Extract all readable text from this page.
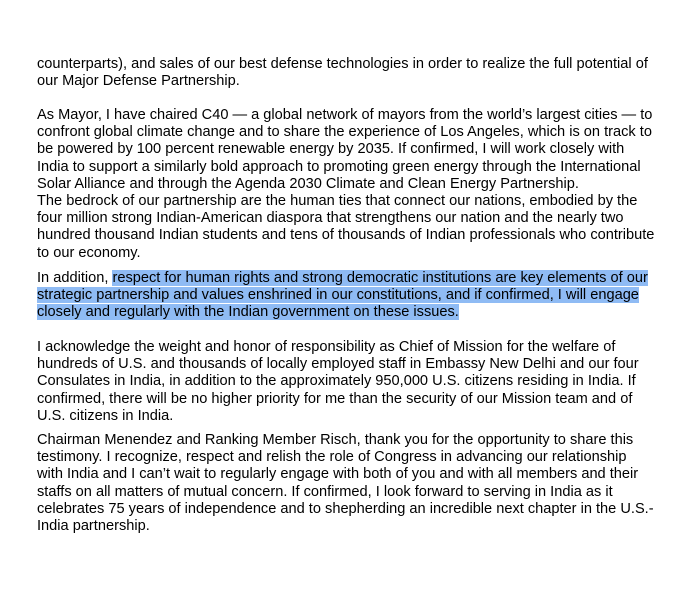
counterparts), and sales of our best defense technologies in order to realize the full potential of
our Major Defense Partnership.

As Mayor, I have chaired C40 — a global network of mayors from the world’s largest cities — to
confront global climate change and to share the experience of Los Angeles, which is on track to
be powered by 100 percent renewable energy by 2035. If confirmed, I will work closely with
India to support a similarly bold approach to promoting green energy through the International
Solar Alliance and through the Agenda 2030 Climate and Clean Energy Partnership.

The bedrock of our partnership are the human ties that connect our nations, embodied by the
four million strong Indian-American diaspora that strengthens our nation and the nearly two
hundred thousand Indian students and tens of thousands of Indian professionals who contribute
to our economy.

In addition, respect for human rights and strong democratic institutions are key elements of our
strategic partnership and values enshrined in our constitutions, and if confirmed, I will engage
closely and regularly with the Indian government on these issues.

I acknowledge the weight and honor of responsibility as Chief of Mission for the welfare of
hundreds of U.S. and thousands of locally employed staff in Embassy New Delhi and our four
Consulates in India, in addition to the approximately 950,000 U.S. citizens residing in India. If
confirmed, there will be no higher priority for me than the security of our Mission team and of
U.S. citizens in India.

Chairman Menendez and Ranking Member Risch, thank you for the opportunity to share this
testimony. I recognize, respect and relish the role of Congress in advancing our relationship
with India and I can’t wait to regularly engage with both of you and with all members and their
staffs on all matters of mutual concern. If confirmed, I look forward to serving in India as it
celebrates 75 years of independence and to shepherding an incredible next chapter in the U.S.-
India partnership.
